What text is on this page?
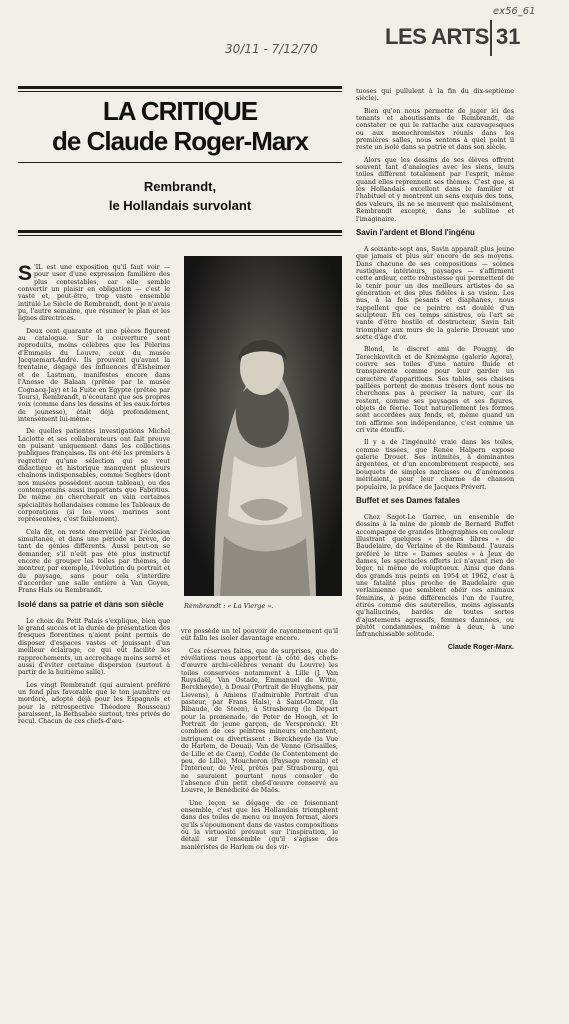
ex56_61
30/11 - 7/12/70	LES ARTS 31
LA CRITIQUE
de Claude Roger-Marx
Rembrandt,
le Hollandais survolant
Rembrandt : « La Vierge ».

S 'IL est une exposition qu'il faut voir — pour user d'une expression familière des plus contestables, car elle semble convertir un plaisir en obligation — c'est le vaste et, peut-être, trop vaste ensemble intitulé Le Siècle de Rembrandt, dont je n'avais pu, l'autre semaine, que résumer le plan et les lignes directrices.

Deux cent quarante et une pièces figurent au catalogue. Sur la couverture sont reproduits, moins célèbres que les Pèlerins d'Emmaüs du Louvre, ceux du musée Jacquemart-André. Ils prouvent qu'avant la trentaine, dégagé des influences d'Elsheimer et de Lastman, manifestes encore dans l'Anesse de Balaan (prêtée par le musée Cognacq-Jay) et la Fuite en Egypte (prêtée par Tours), Rembrandt, n'écoutant que ses propres voix (comme dans les dessins et les eaux-fortes de jeunesse), était déjà profondément, intensément lui-même.

De quelles patientes investigations Michel Laclotte et ses collaborateurs ont fait preuve en puisant uniquement dans les collections publiques françaises. Ils ont été les premiers à regretter qu'une sélection qui se veut didactique et historique manquent plusieurs chaînons indispensables, comme Seghers (dont nos musées possèdent aucun tableau), ou des contemporains aussi importants que Fabritius. De même on chercherait en vain certaines spécialités hollandaises comme les Tableaux de corporations (si les vues marines sont représentées, c'est faiblement).

Cela dit, on reste émerveillé par l'éclosion simultanée, et dans une période si brève, de tant de génies différents. Aussi peut-on se demander, s'il n'eût pas été plus instructif encore de grouper les toiles par thèmes, de montrer, par exemple, l'évolution du portrait et du paysage, sans pour cela s'interdire d'accorder une salle entière à Van Goyen, Frans Hals ou Rembrandt.

Isolé dans sa patrie et dans son siècle

Le choix du Petit Palais s'explique, bien que le grand succès et la durée de présentation des fresques florentines n'aient point permis de disposer d'espaces vastes et jouissant d'un meilleur éclairage, ce qui eût facilité les rapprochements, un accrochage moins serré et aussi d'éviter certaine dispersion (surtout à partir de la huitième salle).

Les vingt Rembrandt (qui auraient préféré un fond plus favorable que le ton jaunâtre ou mordoré, adopté déjà pour les Espagnols et pour la rétrospective Théodore Rousseau) paraissent, la Bethsabée surtout, très privés de recul. Chacun de ces chefs-d'œu-

vre possède un tel pouvoir de rayonnement qu'il eût fallu les isoler davantage encore.

Ces réserves faites, que de surprises, que de révélations nous apportent (à côté des chefs-d'œuvre archi-célèbres venant du Louvre) les toiles conservées notamment à Lille (J. Van Ruysdaël, Van Ostade, Emmanuel de Witte, Berckheyde), à Douai (Portrait de Huyghens, par Lievens), à Amiens (l'admirable Portrait d'un pasteur, par Frans Hals), à Saint-Omer, (la Ribaude, de Steen), à Strasbourg (le Départ pour la promenade, de Peter de Hoogh, et le Portrait de jeune garçon, de Verspronck). Et combien de ces peintres mineurs enchantent, intriguent ou divertissent : Berckheyde (la Vue de Harlem, de Douai), Van de Venne (Grisailles, de Lille et de Caen), Codde (le Contentement de peu, de Lille), Moucheron (Paysage romain) et l'Intérieur, de Vrel, prêtés par Strasbourg, qui ne sauraient pourtant nous consoler de l'absence d'un petit chef-d'œuvre conservé au Louvre, le Bénédicité de Maës.

Une leçon se dégage de ce foisonnant ensemble, c'est que les Hollandais triomphent dans des toiles de menu ou moyen format, alors qu'ils s'époumonent dans de vastes compositions où la virtuosité prévaut sur l'inspiration, le détail sur l'ensemble (qu'il s'agisse des maniéristes de Harlem ou des vir-

tuoses qui pullulent à la fin du dix-septième siècle).

Bien qu'on nous permette de juger ici des tenants et aboutissants de Rembrandt, de constater ce qui le rattache aux caravagesques ou aux monochromistes réunis dans les premières salles, nous sentons à quel point il reste un isolé dans sa patrie et dans son siècle.

Alors que les dessins de ses élèves offrent souvent tant d'analogies avec les siens, leurs toiles diffèrent totalement par l'esprit, même quand elles reprennent ses thèmes. C'est que, si les Hollandais excellent dans le familier et l'habituel et y montrent un sens exquis des tons, des valeurs, ils ne se meuvent que malaisément, Rembrandt excepté, dans le sublime et l'imaginaire.

Savin l'ardent et Blond l'ingénu

A soixante-sept ans, Savin apparaît plus jeune que jamais et plus sûr encore de ses moyens. Dans chacune de ses compositions — scènes rustiques, intérieurs, paysages — s'affirment cette ardeur, cette robustesse qui permettent de le tenir pour un des meilleurs artistes de sa génération et des plus fidèles à sa vision. Les nus, à la fois pesants et diaphanes, nous rappellent que ce peintre est doublé d'un sculpteur. En ces temps sinistres, où l'art se vante d'être hostile et destructeur, Savin fait triompher aux murs de la galerie Drouant une sorte d'âge d'or.

Blond, le discret ami de Pougny, de Terechkovitch et de Krémègne (galerie Agora), couvre ses toiles d'une nature fluide et transparente comme pour leur garder un caractère d'apparitions. Ses tables, ses chaises paillées portent de menus trésors dont nous ne cherchons pas à préciser la nature, car ils restent, comme ses paysages et ses figures, objets de féerie. Tout naturellement les formes sont accordées aux fonds, et, même quand un ton affirme son indépendance, c'est comme un cri vite étouffé.

Il y a de l'ingénuité vraie dans les toiles, comme tissées, que Renée Halpern expose galerie Drouet. Ses intimités, à dominantes argentées, et d'un encombrement respecté, ses bouquets de simples narcisses ou d'anémones méritaient, pour leur charme de chanson populaire, la préface de Jacques Prévert.

Buffet et ses Dames fatales

Chez Sagot-Le Garrec, un ensemble de dessins à la mine de plomb de Bernard Buffet accompagne de grandes lithographies en couleur illustrant quelques « poèmes libres » de Baudelaire, de Verlaine et de Rimbaud. J'aurais préféré le titre « Dames seules » à Jeux de dames, les spectacles offerts ici n'ayant rien de léger, ni même de voluptueux. Ainsi que dans des grands nus peints en 1954 et 1962, c'est à une fatalité plus proche de Baudelaire que verlainienne que semblent obéir ces animaux féminins, à peine différenciés l'un de l'autre, étirés comme des sauterelles, moins agissants qu'hallucinés, bardés de toutes sortes d'ajustements agressifs, femmes damnées, ou plutôt condamnées, même à deux, à une infranchissable solitude.

Claude Roger-Marx.
